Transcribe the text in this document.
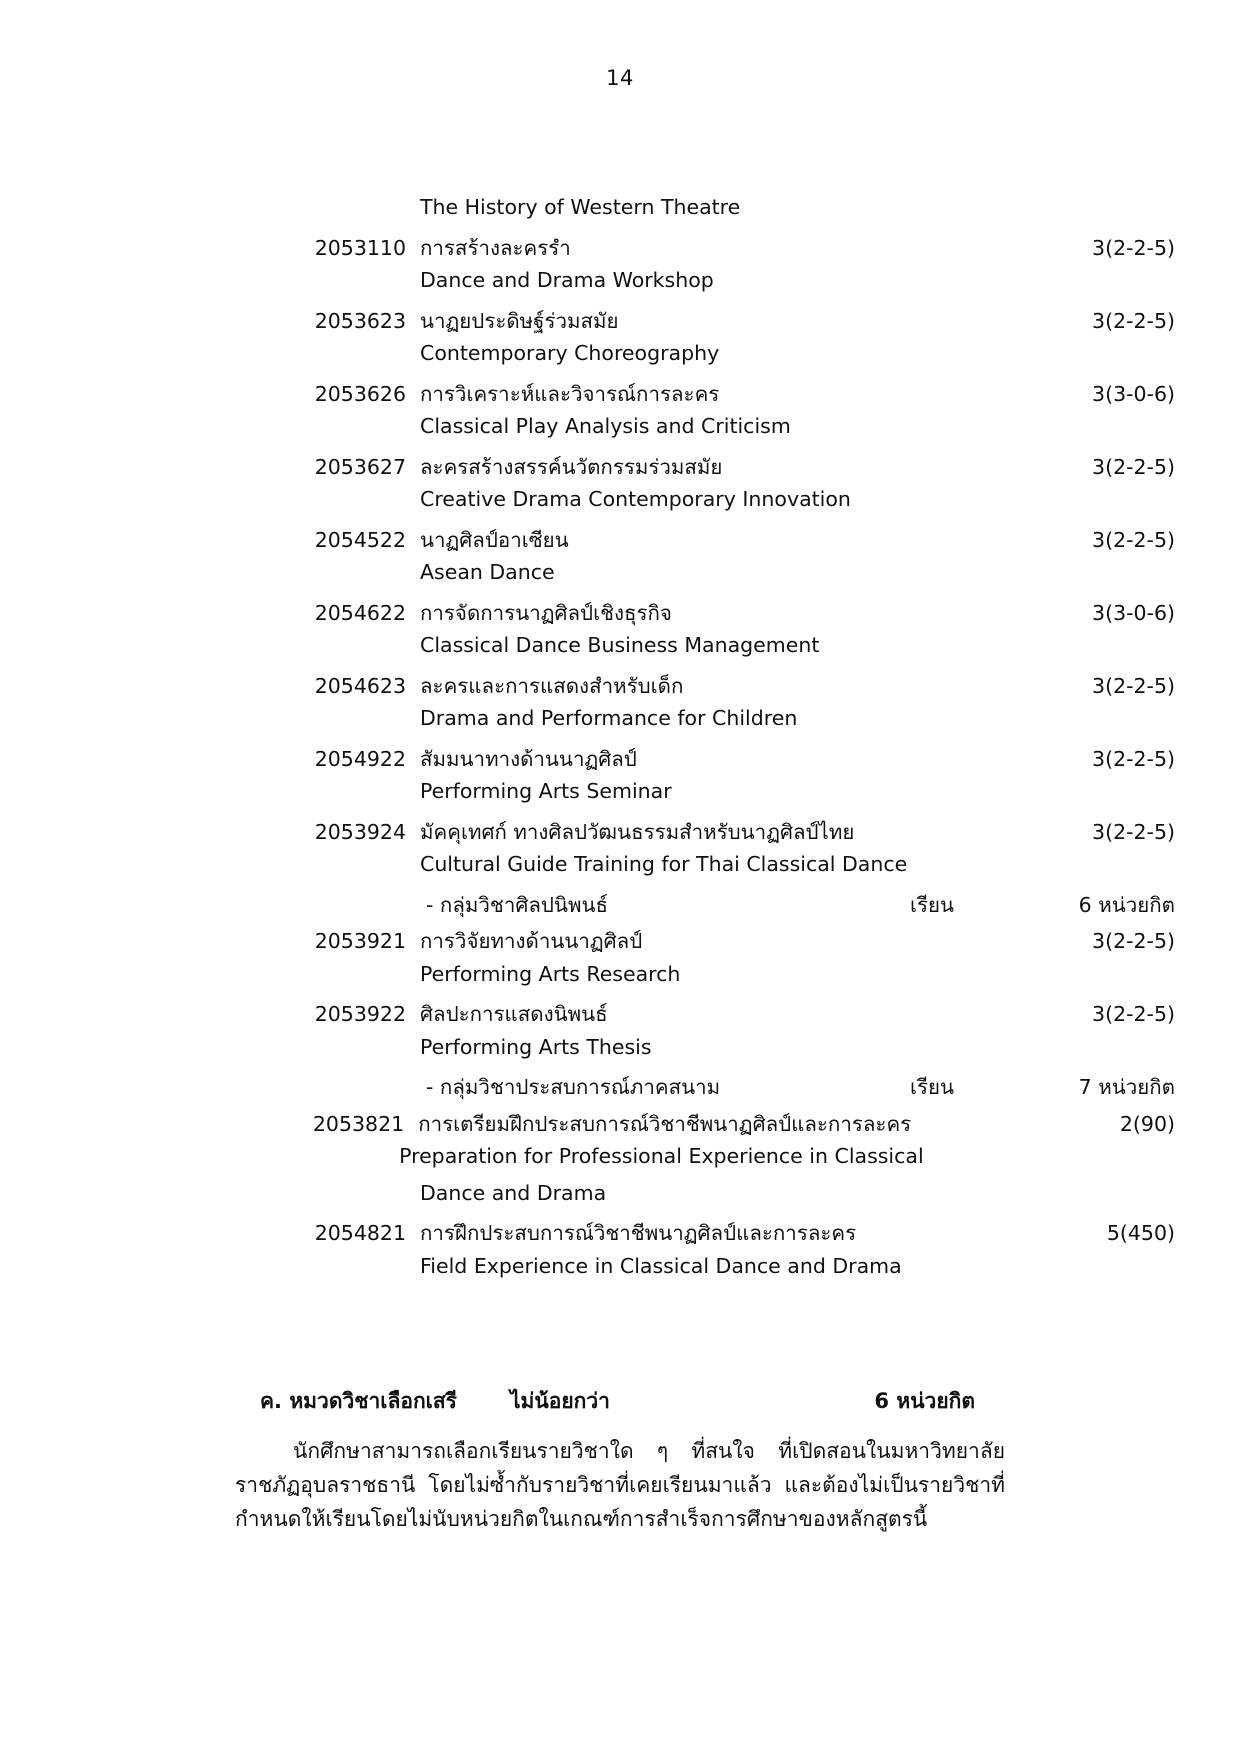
14
The History of Western Theatre
2053110 การสร้างละครรำ	3(2-2-5)
Dance and Drama Workshop
2053623 นาฏยประดิษฐ์ร่วมสมัย	3(2-2-5)
Contemporary Choreography
2053626 การวิเคราะห์และวิจารณ์การละคร	3(3-0-6)
Classical Play Analysis and Criticism
2053627 ละครสร้างสรรค์นวัตกรรมร่วมสมัย	3(2-2-5)
Creative Drama Contemporary Innovation
2054522 นาฏศิลป์อาเซียน	3(2-2-5)
Asean Dance
2054622 การจัดการนาฏศิลป์เชิงธุรกิจ	3(3-0-6)
Classical Dance Business Management
2054623 ละครและการแสดงสำหรับเด็ก	3(2-2-5)
Drama and Performance for Children
2054922 สัมมนาทางด้านนาฏศิลป์	3(2-2-5)
Performing Arts Seminar
2053924 มัคคุเทศก์ ทางศิลปวัฒนธรรมสำหรับนาฏศิลป์ไทย	3(2-2-5)
Cultural Guide Training for Thai Classical Dance
- กลุ่มวิชาศิลปนิพนธ์	เรียน	6 หน่วยกิต
2053921 การวิจัยทางด้านนาฏศิลป์	3(2-2-5)
Performing Arts Research
2053922 ศิลปะการแสดงนิพนธ์	3(2-2-5)
Performing Arts Thesis
- กลุ่มวิชาประสบการณ์ภาคสนาม	เรียน	7 หน่วยกิต
2053821 การเตรียมฝึกประสบการณ์วิชาชีพนาฏศิลป์และการละคร	2(90)
Preparation for Professional Experience in Classical
Dance and Drama
2054821 การฝึกประสบการณ์วิชาชีพนาฏศิลป์และการละคร	5(450)
Field Experience in Classical Dance and Drama
ค. หมวดวิชาเลือกเสรี	ไม่น้อยกว่า	6 หน่วยกิต
นักศึกษาสามารถเลือกเรียนรายวิชาใด ๆ ที่สนใจ ที่เปิดสอนในมหาวิทยาลัยราชภัฏอุบลราชธานี โดยไม่ซ้ำกับรายวิชาที่เคยเรียนมาแล้ว และต้องไม่เป็นรายวิชาที่กำหนดให้เรียนโดยไม่นับหน่วยกิตในเกณฑ์การสำเร็จการศึกษาของหลักสูตรนี้
